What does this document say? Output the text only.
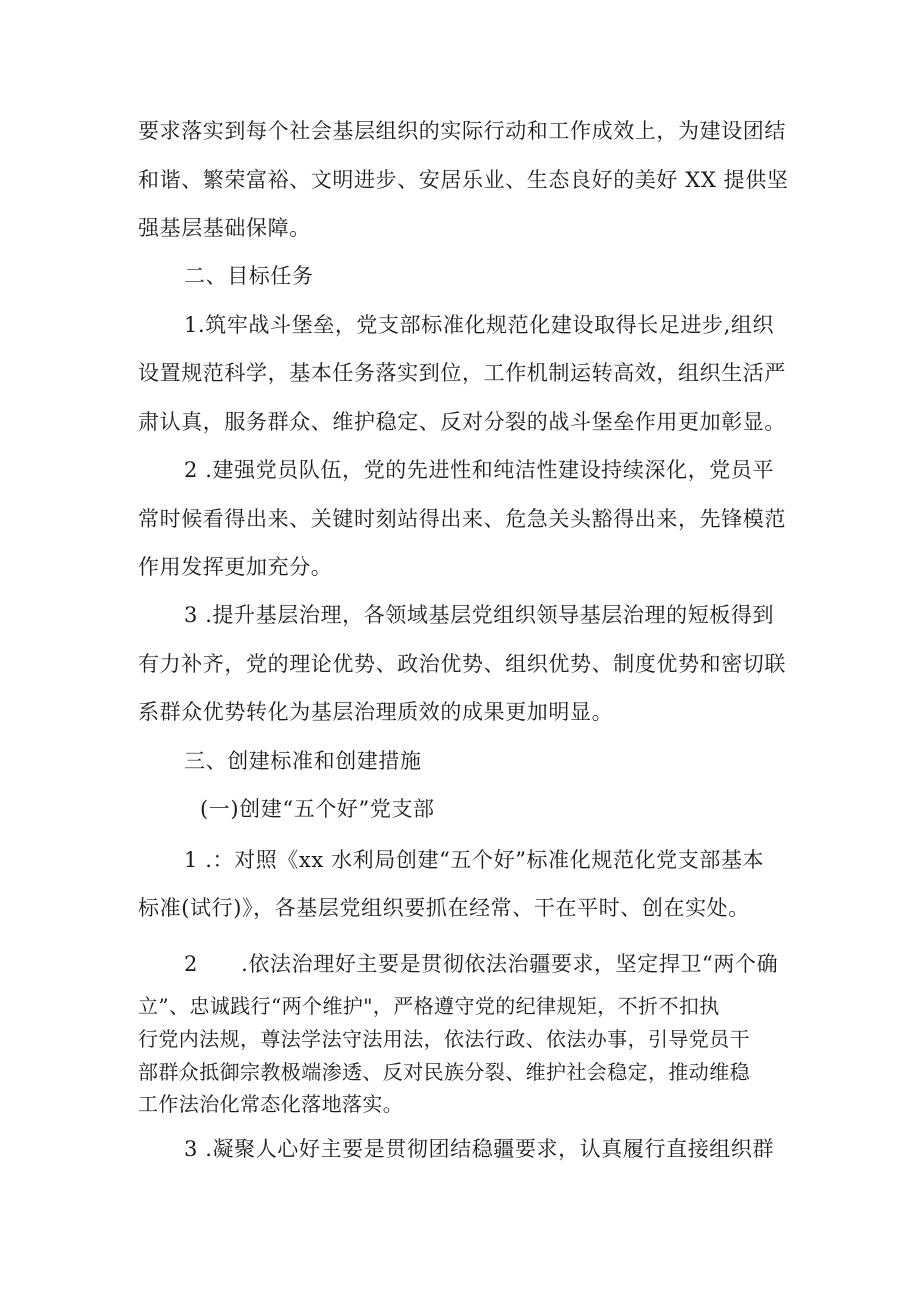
要求落实到每个社会基层组织的实际行动和工作成效上，为建设团结
和谐、繁荣富裕、文明进步、安居乐业、生态良好的美好 XX 提供坚
强基层基础保障。
二、目标任务
1.筑牢战斗堡垒，党支部标准化规范化建设取得长足进步,组织
设置规范科学，基本任务落实到位，工作机制运转高效，组织生活严
肃认真，服务群众、维护稳定、反对分裂的战斗堡垒作用更加彰显。
2 .建强党员队伍，党的先进性和纯洁性建设持续深化，党员平
常时候看得出来、关键时刻站得出来、危急关头豁得出来，先锋模范
作用发挥更加充分。
3 .提升基层治理，各领域基层党组织领导基层治理的短板得到
有力补齐，党的理论优势、政治优势、组织优势、制度优势和密切联
系群众优势转化为基层治理质效的成果更加明显。
三、创建标准和创建措施
(一)创建“五个好”党支部
1 .：对照《xx 水利局创建“五个好”标准化规范化党支部基本
标准(试行)》，各基层党组织要抓在经常、干在平时、创在实处。
2　　.依法治理好主要是贯彻依法治疆要求，坚定捍卫“两个确
立”、忠诚践行“两个维护"，严格遵守党的纪律规矩，不折不扣执
行党内法规，尊法学法守法用法，依法行政、依法办事，引导党员干
部群众抵御宗教极端渗透、反对民族分裂、维护社会稳定，推动维稳
工作法治化常态化落地落实。
3 .凝聚人心好主要是贯彻团结稳疆要求，认真履行直接组织群
